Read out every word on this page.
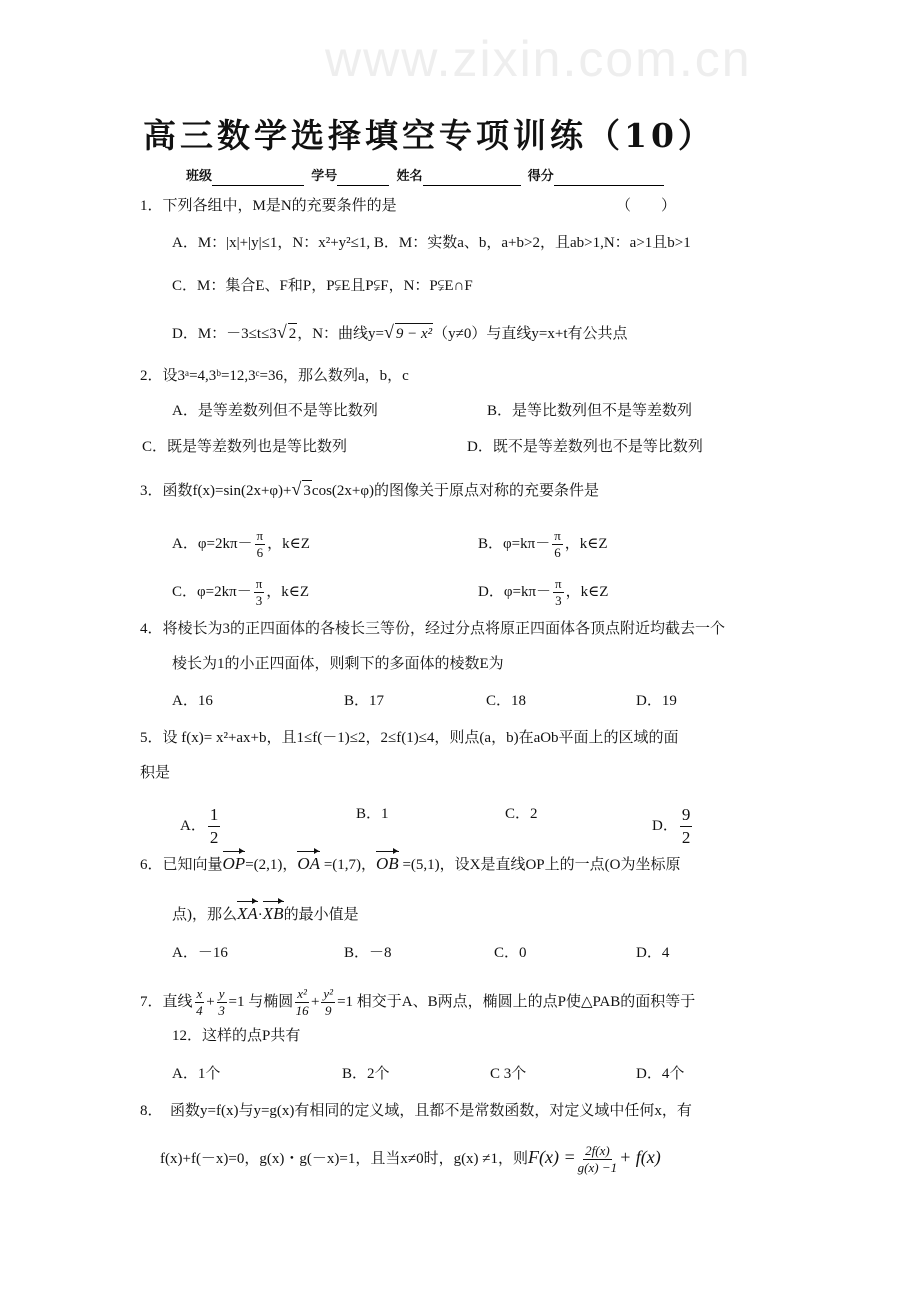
www.zixin.com.cn
高三数学选择填空专项训练（10）
班级	学号	姓名	得分
1．下列各组中，M是N的充要条件的是	（　　）
A．M：|x|+|y|≤1，N：x²+y²≤1, B．M：实数a、b，a+b>2，且ab>1,N：a>1且b>1
C．M：集合E、F和P，P⫋E且P⫋F，N：P⫋E∩F
D．M：－3≤t≤3√ 2，N：曲线y=√ 9 − x²（y≠0）与直线y=x+t有公共点
2．设3ᵃ=4,3ᵇ=12,3ᶜ=36，那么数列a，b，c
A．是等差数列但不是等比数列	B．是等比数列但不是等差数列
C．既是等差数列也是等比数列	D．既不是等差数列也不是等比数列
3．函数f(x)=sin(2x+φ)+√ 3cos(2x+φ)的图像关于原点对称的充要条件是
A．$\varphi=2k\pi- \frac{\pi}{6}$ ，k∈Z	B．$\varphi=k\pi- \frac{\pi}{6}$ ，k∈Z
C．$\varphi=2k\pi- \frac{\pi}{3}$ ，k∈Z	D．$\varphi=k\pi- \frac{\pi}{3}$ ，k∈Z
4．将棱长为3的正四面体的各棱长三等份，经过分点将原正四面体各顶点附近均截去一个
棱长为1的小正四面体，则剩下的多面体的棱数E为
A．16	B．17	C．18	D．19
5．设 f(x)= x²+ax+b，且1≤f(－1)≤2，2≤f(1)≤4，则点(a，b)在aOb平面上的区域的面
积是
A． $\frac{1}{2}$	B．1	C．2
D． $\frac{9}{2}$
6．已知向量OP=(2,1)，OA =(1,7)，OB =(5,1)，设X是直线OP上的一点(O为坐标原
点)，那么XA·XB的最小值是
A．－16	B．－8	C．0	D．4
7．直线 $\frac{x}{4} + \frac{y}{3} =1$ 与椭圆 $\frac{\text{x²}}{16} + \frac{\text{y²}}{9} =1$ 相交于A、B两点，椭圆上的点P使△PAB的面积等于
12．这样的点P共有
A．1个	B．2个	C 3个	D．4个
8．　函数y=f(x)与y=g(x)有相同的定义域，且都不是常数函数，对定义域中任何x，有
f(x)+f(－x)=0，g(x)・g(－x)=1，且当x≠0时，g(x) ≠1，则$F(x) = \frac{2f(x)}{g(x) -1} + f(x)$
